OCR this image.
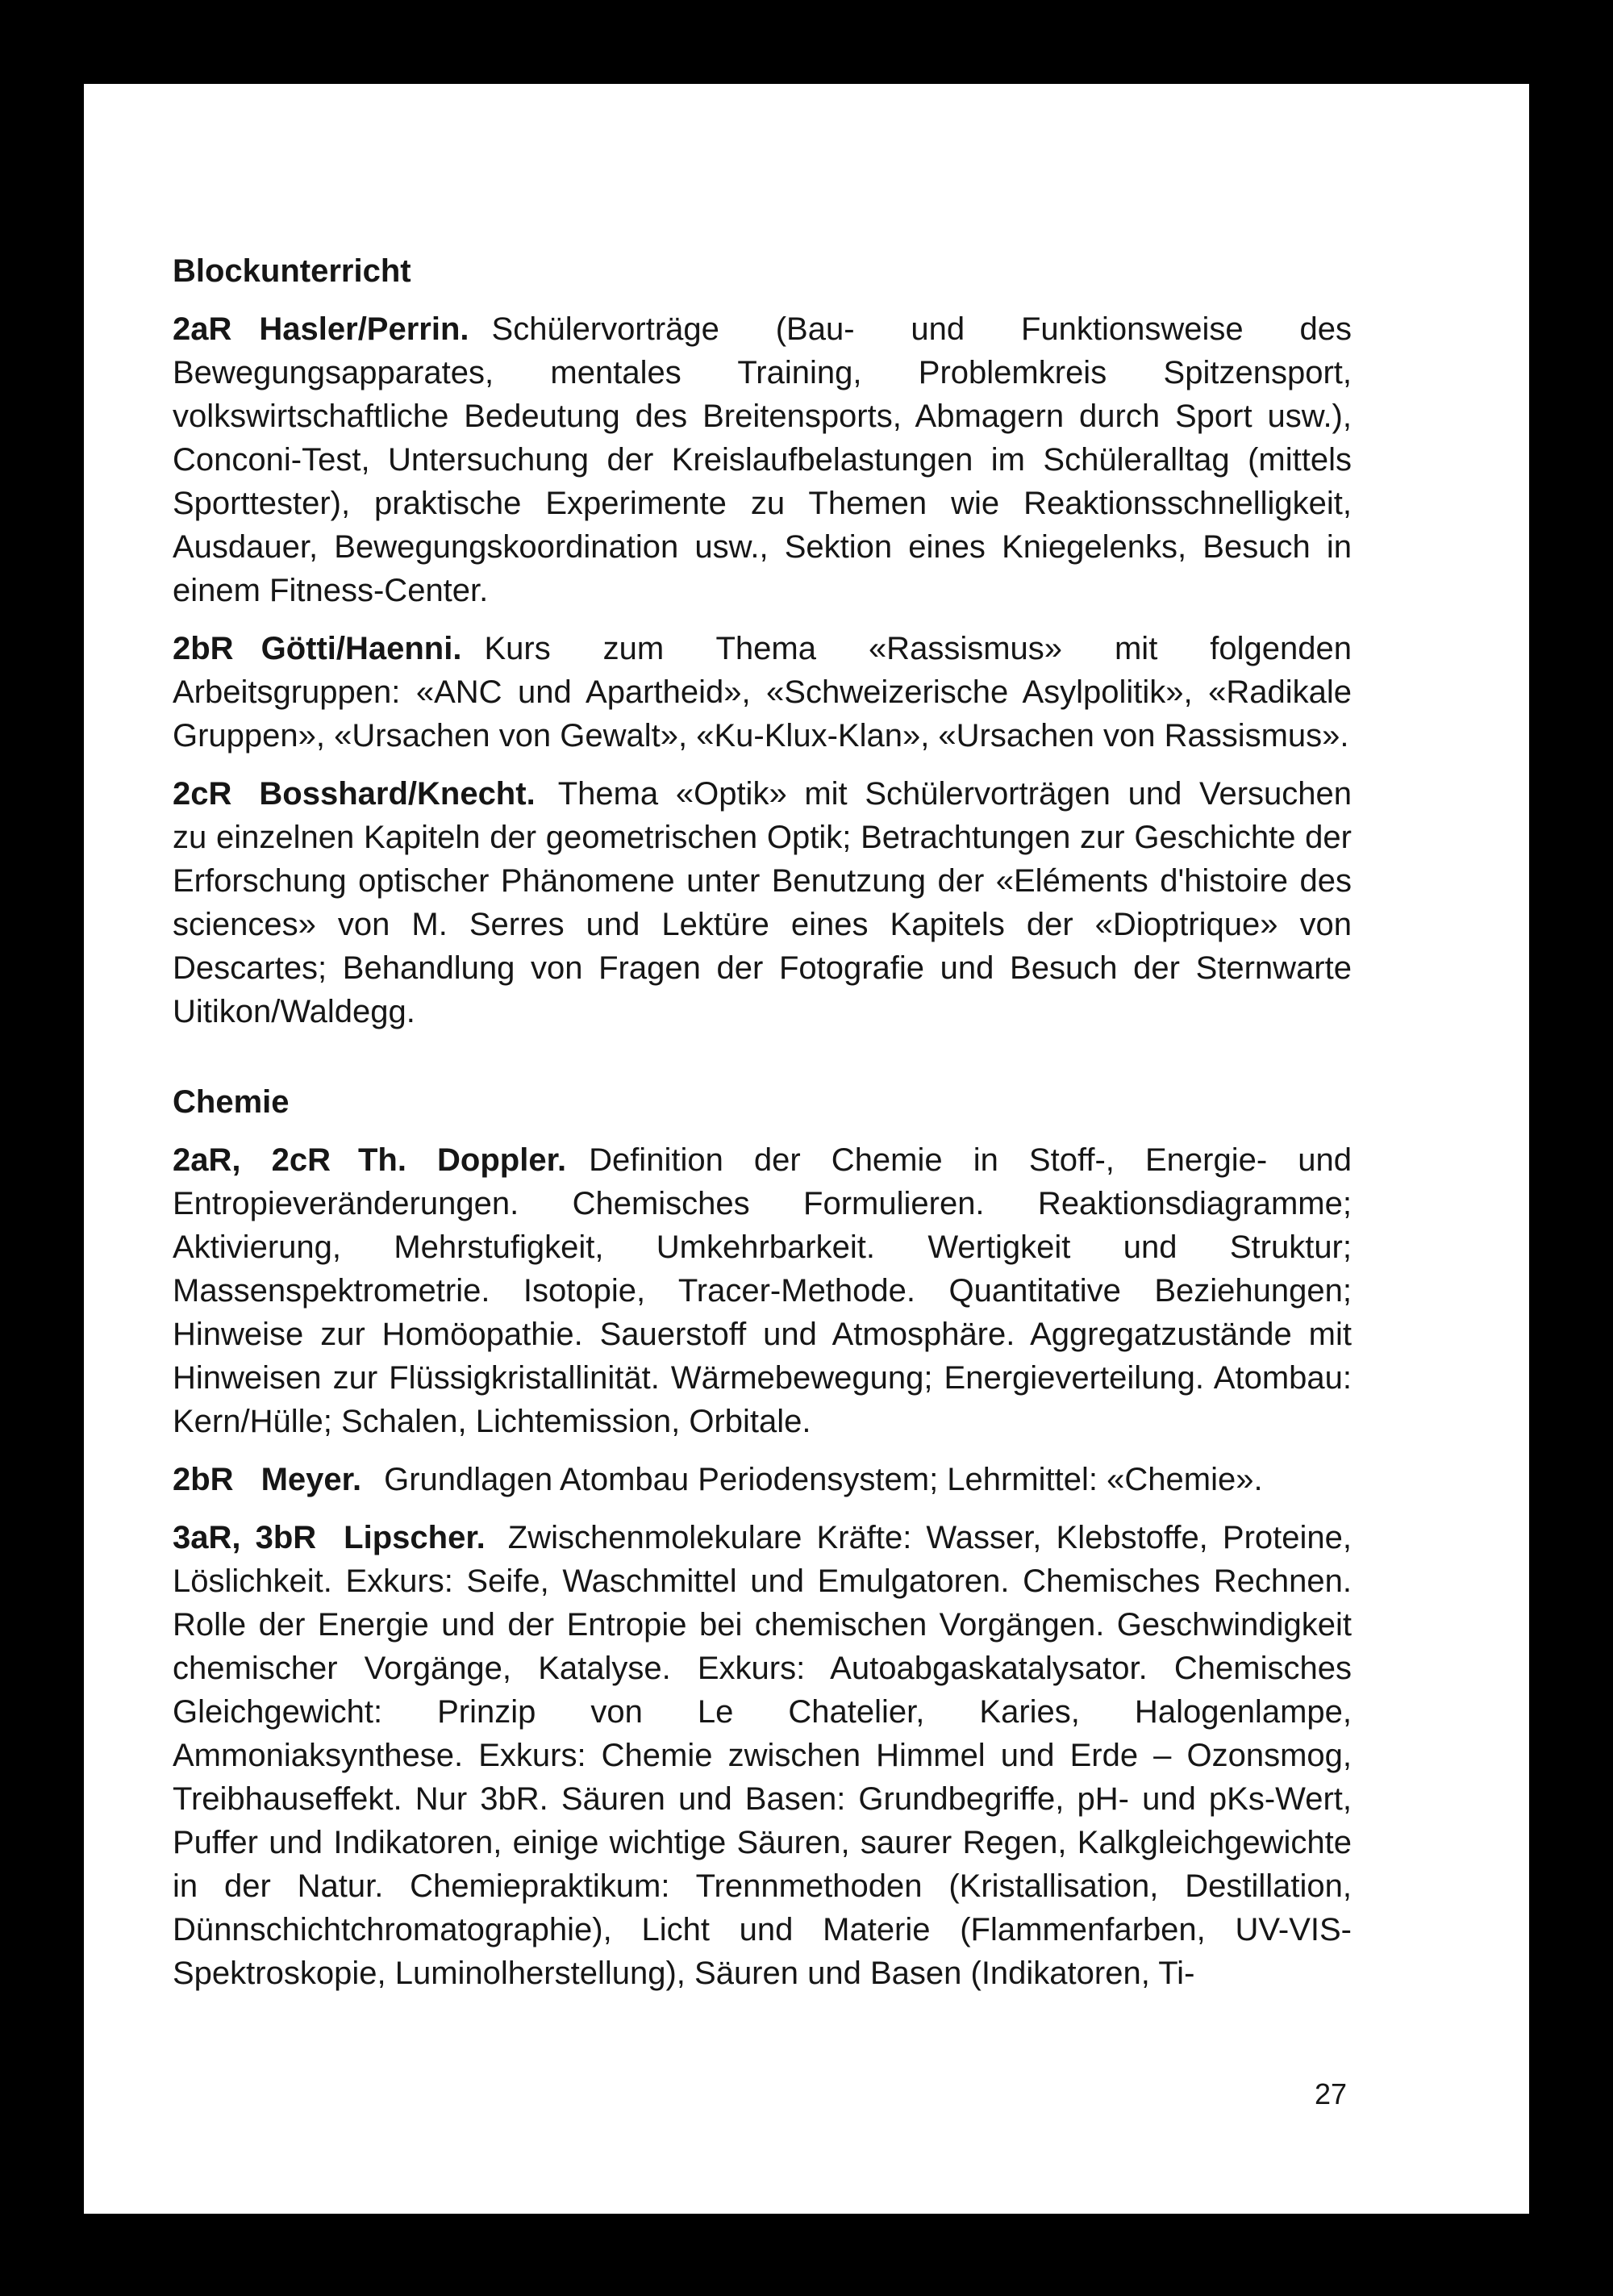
Blockunterricht

2aR Hasler/Perrin. Schülervorträge (Bau- und Funktionsweise des Bewegungsapparates, mentales Training, Problemkreis Spitzensport, volkswirtschaftliche Bedeutung des Breitensports, Abmagern durch Sport usw.), Conconi-Test, Untersuchung der Kreislaufbelastungen im Schüleralltag (mittels Sporttester), praktische Experimente zu Themen wie Reaktionsschnelligkeit, Ausdauer, Bewegungskoordination usw., Sektion eines Kniegelenks, Besuch in einem Fitness-Center.

2bR Götti/Haenni. Kurs zum Thema «Rassismus» mit folgenden Arbeitsgruppen: «ANC und Apartheid», «Schweizerische Asylpolitik», «Radikale Gruppen», «Ursachen von Gewalt», «Ku-Klux-Klan», «Ursachen von Rassismus».

2cR Bosshard/Knecht. Thema «Optik» mit Schülervorträgen und Versuchen zu einzelnen Kapiteln der geometrischen Optik; Betrachtungen zur Geschichte der Erforschung optischer Phänomene unter Benutzung der «Eléments d'histoire des sciences» von M. Serres und Lektüre eines Kapitels der «Dioptrique» von Descartes; Behandlung von Fragen der Fotografie und Besuch der Sternwarte Uitikon/Waldegg.

Chemie

2aR, 2cR Th. Doppler. Definition der Chemie in Stoff-, Energie- und Entropieveränderungen. Chemisches Formulieren. Reaktionsdiagramme; Aktivierung, Mehrstufigkeit, Umkehrbarkeit. Wertigkeit und Struktur; Massenspektrometrie. Isotopie, Tracer-Methode. Quantitative Beziehungen; Hinweise zur Homöopathie. Sauerstoff und Atmosphäre. Aggregatzustände mit Hinweisen zur Flüssigkristallinität. Wärmebewegung; Energieverteilung. Atombau: Kern/Hülle; Schalen, Lichtemission, Orbitale.

2bR Meyer. Grundlagen Atombau Periodensystem; Lehrmittel: «Chemie».

3aR, 3bR Lipscher. Zwischenmolekulare Kräfte: Wasser, Klebstoffe, Proteine, Löslichkeit. Exkurs: Seife, Waschmittel und Emulgatoren. Chemisches Rechnen. Rolle der Energie und der Entropie bei chemischen Vorgängen. Geschwindigkeit chemischer Vorgänge, Katalyse. Exkurs: Autoabgaskatalysator. Chemisches Gleichgewicht: Prinzip von Le Chatelier, Karies, Halogenlampe, Ammoniaksynthese. Exkurs: Chemie zwischen Himmel und Erde – Ozonsmog, Treibhauseffekt. Nur 3bR. Säuren und Basen: Grundbegriffe, pH- und pKs-Wert, Puffer und Indikatoren, einige wichtige Säuren, saurer Regen, Kalkgleichgewichte in der Natur. Chemiepraktikum: Trennmethoden (Kristallisation, Destillation, Dünnschichtchromatographie), Licht und Materie (Flammenfarben, UV-VIS-Spektroskopie, Luminolherstellung), Säuren und Basen (Indikatoren, Ti-

27
